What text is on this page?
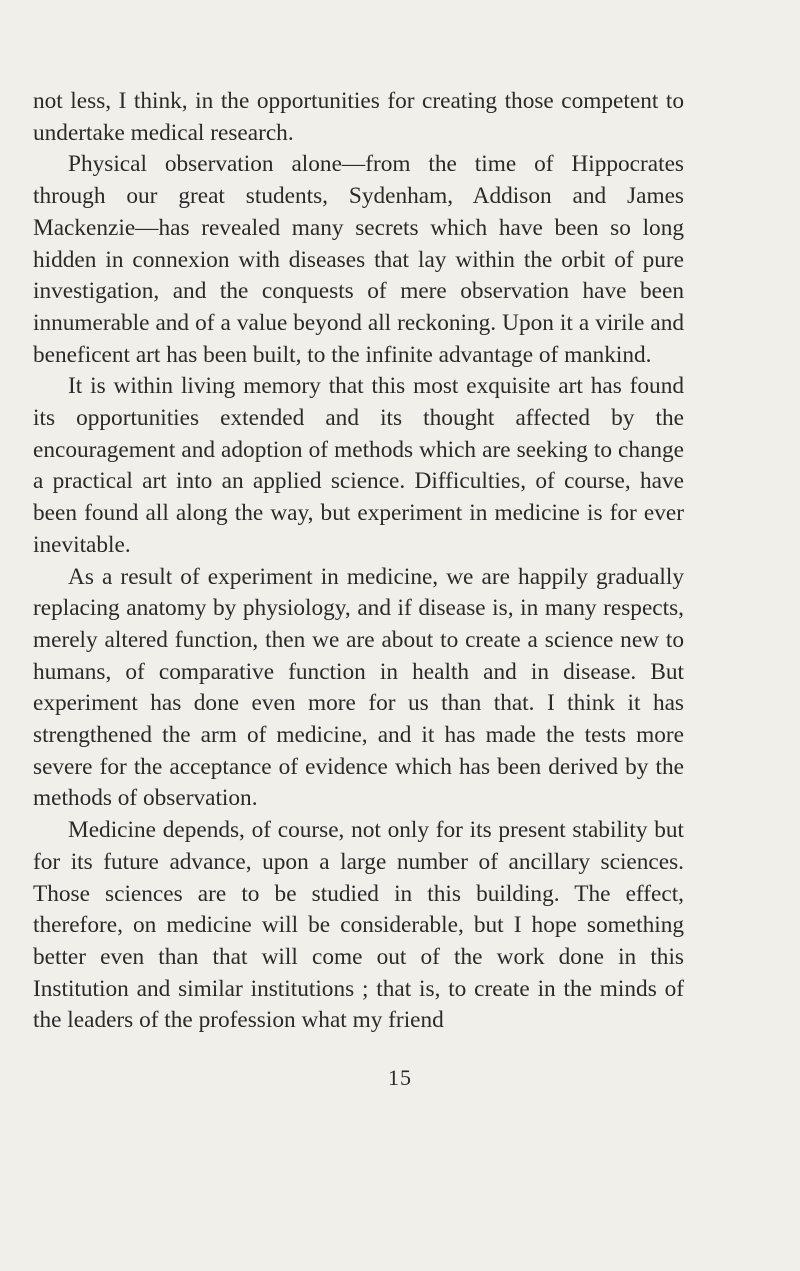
not less, I think, in the opportunities for creating those competent to undertake medical research.

Physical observation alone—from the time of Hippocrates through our great students, Sydenham, Addison and James Mackenzie—has revealed many secrets which have been so long hidden in connexion with diseases that lay within the orbit of pure investigation, and the conquests of mere observation have been innumerable and of a value beyond all reckoning. Upon it a virile and beneficent art has been built, to the infinite advantage of mankind.

It is within living memory that this most exquisite art has found its opportunities extended and its thought affected by the encouragement and adoption of methods which are seeking to change a practical art into an applied science. Difficulties, of course, have been found all along the way, but experiment in medicine is for ever inevitable.

As a result of experiment in medicine, we are happily gradually replacing anatomy by physiology, and if disease is, in many respects, merely altered function, then we are about to create a science new to humans, of comparative function in health and in disease. But experiment has done even more for us than that. I think it has strengthened the arm of medicine, and it has made the tests more severe for the acceptance of evidence which has been derived by the methods of observation.

Medicine depends, of course, not only for its present stability but for its future advance, upon a large number of ancillary sciences. Those sciences are to be studied in this building. The effect, therefore, on medicine will be considerable, but I hope something better even than that will come out of the work done in this Institution and similar institutions ; that is, to create in the minds of the leaders of the profession what my friend

15
